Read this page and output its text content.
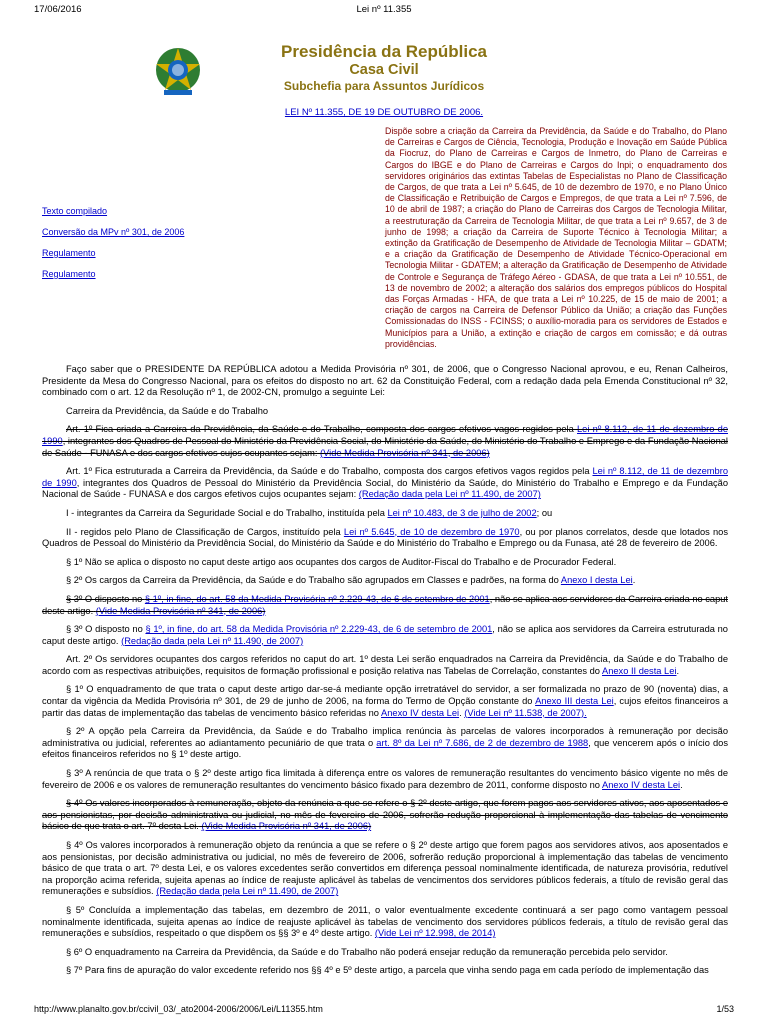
17/06/2016	Lei nº 11.355
Presidência da República
Casa Civil
Subchefia para Assuntos Jurídicos
LEI Nº 11.355, DE 19 DE OUTUBRO DE 2006.
Texto compilado
Conversão da MPv nº 301, de 2006
Regulamento
Regulamento
Dispõe sobre a criação da Carreira da Previdência, da Saúde e do Trabalho, do Plano de Carreiras e Cargos de Ciência, Tecnologia, Produção e Inovação em Saúde Pública da Fiocruz, do Plano de Carreiras e Cargos de Inmetro, do Plano de Carreiras e Cargos do IBGE e do Plano de Carreiras e Cargos do Inpi; o enquadramento dos servidores originários das extintas Tabelas de Especialistas no Plano de Classificação de Cargos, de que trata a Lei nº 5.645, de 10 de dezembro de 1970, e no Plano Único de Classificação e Retribuição de Cargos e Empregos, de que trata a Lei nº 7.596, de 10 de abril de 1987; a criação do Plano de Carreiras dos Cargos de Tecnologia Militar, a reestruturação da Carreira de Tecnologia Militar, de que trata a Lei nº 9.657, de 3 de junho de 1998; a criação da Carreira de Suporte Técnico à Tecnologia Militar; a extinção da Gratificação de Desempenho de Atividade de Tecnologia Militar – GDATM; e a criação da Gratificação de Desempenho de Atividade Técnico-Operacional em Tecnologia Militar - GDATEM; a alteração da Gratificação de Desempenho de Atividade de Controle e Segurança de Tráfego Aéreo - GDASA, de que trata a Lei nº 10.551, de 13 de novembro de 2002; a alteração dos salários dos empregos públicos do Hospital das Forças Armadas - HFA, de que trata a Lei nº 10.225, de 15 de maio de 2001; a criação de cargos na Carreira de Defensor Público da União; a criação das Funções Comissionadas do INSS - FCINSS; o auxílio-moradia para os servidores de Estados e Municípios para a União, a extinção e criação de cargos em comissão; e dá outras providências.

Faço saber que o PRESIDENTE DA REPÚBLICA adotou a Medida Provisória nº 301, de 2006, que o Congresso Nacional aprovou, e eu, Renan Calheiros, Presidente da Mesa do Congresso Nacional, para os efeitos do disposto no art. 62 da Constituição Federal, com a redação dada pela Emenda Constitucional nº 32, combinado com o art. 12 da Resolução nº 1, de 2002-CN, promulgo a seguinte Lei:

Carreira da Previdência, da Saúde e do Trabalho

Art. 1º Fica criada a Carreira da Previdência, da Saúde e do Trabalho, composta dos cargos efetivos vagos regidos pela Lei nº 8.112, de 11 de dezembro de 1990, integrantes dos Quadros de Pessoal do Ministério da Previdência Social, do Ministério da Saúde, do Ministério do Trabalho e Emprego e da Fundação Nacional de Saúde - FUNASA e dos cargos efetivos cujos ocupantes sejam: (Vide Medida Provisória nº 341, de 2006)

Art. 1º Fica estruturada a Carreira da Previdência, da Saúde e do Trabalho, composta dos cargos efetivos vagos regidos pela Lei nº 8.112, de 11 de dezembro de 1990, integrantes dos Quadros de Pessoal do Ministério da Previdência Social, do Ministério da Saúde, do Ministério do Trabalho e Emprego e da Fundação Nacional de Saúde - FUNASA e dos cargos efetivos cujos ocupantes sejam: (Redação dada pela Lei nº 11.490, de 2007)

I - integrantes da Carreira da Seguridade Social e do Trabalho, instituída pela Lei nº 10.483, de 3 de julho de 2002; ou

II - regidos pelo Plano de Classificação de Cargos, instituído pela Lei nº 5.645, de 10 de dezembro de 1970, ou por planos correlatos, desde que lotados nos Quadros de Pessoal do Ministério da Previdência Social, do Ministério da Saúde e do Ministério do Trabalho e Emprego ou da Funasa, até 28 de fevereiro de 2006.

§ 1º Não se aplica o disposto no caput deste artigo aos ocupantes dos cargos de Auditor-Fiscal do Trabalho e de Procurador Federal.

§ 2º Os cargos da Carreira da Previdência, da Saúde e do Trabalho são agrupados em Classes e padrões, na forma do Anexo I desta Lei.

§ 3º O disposto no § 1º, in fine, do art. 58 da Medida Provisória nº 2.229-43, de 6 de setembro de 2001, não se aplica aos servidores da Carreira criada no caput deste artigo. (Vide Medida Provisória nº 341, de 2006)

§ 3º O disposto no § 1º, in fine, do art. 58 da Medida Provisória nº 2.229-43, de 6 de setembro de 2001, não se aplica aos servidores da Carreira estruturada no caput deste artigo. (Redação dada pela Lei nº 11.490, de 2007)

Art. 2º Os servidores ocupantes dos cargos referidos no caput do art. 1º desta Lei serão enquadrados na Carreira da Previdência, da Saúde e do Trabalho de acordo com as respectivas atribuições, requisitos de formação profissional e posição relativa nas Tabelas de Correlação, constantes do Anexo II desta Lei.

§ 1º O enquadramento de que trata o caput deste artigo dar-se-á mediante opção irretratável do servidor, a ser formalizada no prazo de 90 (noventa) dias, a contar da vigência da Medida Provisória nº 301, de 29 de junho de 2006, na forma do Termo de Opção constante do Anexo III desta Lei, cujos efeitos financeiros a partir das datas de implementação das tabelas de vencimento básico referidas no Anexo IV desta Lei. (Vide Lei nº 11.538, de 2007).

§ 2º A opção pela Carreira da Previdência, da Saúde e do Trabalho implica renúncia às parcelas de valores incorporados à remuneração por decisão administrativa ou judicial, referentes ao adiantamento pecuniário de que trata o art. 8º da Lei nº 7.686, de 2 de dezembro de 1988, que vencerem após o início dos efeitos financeiros referidos no § 1º deste artigo.

§ 3º A renúncia de que trata o § 2º deste artigo fica limitada à diferença entre os valores de remuneração resultantes do vencimento básico vigente no mês de fevereiro de 2006 e os valores de remuneração resultantes do vencimento básico fixado para dezembro de 2011, conforme disposto no Anexo IV desta Lei.

§ 4º Os valores incorporados à remuneração, objeto da renúncia a que se refere o § 2º deste artigo, que forem pagos aos servidores ativos, aos aposentados e aos pensionistas, por decisão administrativa ou judicial, no mês de fevereiro de 2006, sofrerão redução proporcional à implementação das tabelas de vencimento básico de que trata o art. 7º desta Lei. (Vide Medida Provisória nº 341, de 2006)

§ 4º Os valores incorporados à remuneração objeto da renúncia a que se refere o § 2º deste artigo que forem pagos aos servidores ativos, aos aposentados e aos pensionistas, por decisão administrativa ou judicial, no mês de fevereiro de 2006, sofrerão redução proporcional à implementação das tabelas de vencimento básico de que trata o art. 7º desta Lei, e os valores excedentes serão convertidos em diferença pessoal nominalmente identificada, de natureza provisória, redutível na proporção acima referida, sujeita apenas ao índice de reajuste aplicável às tabelas de vencimentos dos servidores públicos federais, a título de revisão geral das remunerações e subsídios. (Redação dada pela Lei nº 11.490, de 2007)

§ 5º Concluída a implementação das tabelas, em dezembro de 2011, o valor eventualmente excedente continuará a ser pago como vantagem pessoal nominalmente identificada, sujeita apenas ao índice de reajuste aplicável às tabelas de vencimento dos servidores públicos federais, a título de revisão geral das remunerações e subsídios, respeitado o que dispõem os §§ 3º e 4º deste artigo. (Vide Lei nº 12.998, de 2014)

§ 6º O enquadramento na Carreira da Previdência, da Saúde e do Trabalho não poderá ensejar redução da remuneração percebida pelo servidor.

§ 7º Para fins de apuração do valor excedente referido nos §§ 4º e 5º deste artigo, a parcela que vinha sendo paga em cada período de implementação das

http://www.planalto.gov.br/ccivil_03/_ato2004-2006/2006/Lei/L11355.htm	1/53
